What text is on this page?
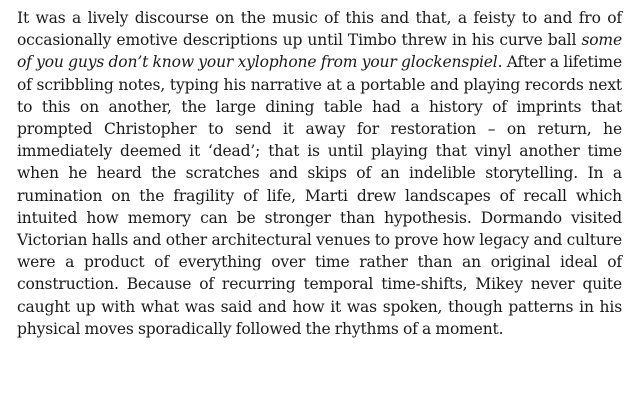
It was a lively discourse on the music of this and that, a feisty to and fro of occasionally emotive descriptions up until Timbo threw in his curve ball some of you guys don’t know your xylophone from your glockenspiel. After a lifetime of scribbling notes, typing his narrative at a portable and playing records next to this on another, the large dining table had a history of imprints that prompted Christopher to send it away for restoration – on return, he immediately deemed it ‘dead’; that is until playing that vinyl another time when he heard the scratches and skips of an indelible storytelling. In a rumination on the fragility of life, Marti drew landscapes of recall which intuited how memory can be stronger than hypothesis. Dormando visited Victorian halls and other architectural venues to prove how legacy and culture were a product of everything over time rather than an original ideal of construction. Because of recurring temporal time-shifts, Mikey never quite caught up with what was said and how it was spoken, though patterns in his physical moves sporadically followed the rhythms of a moment.
